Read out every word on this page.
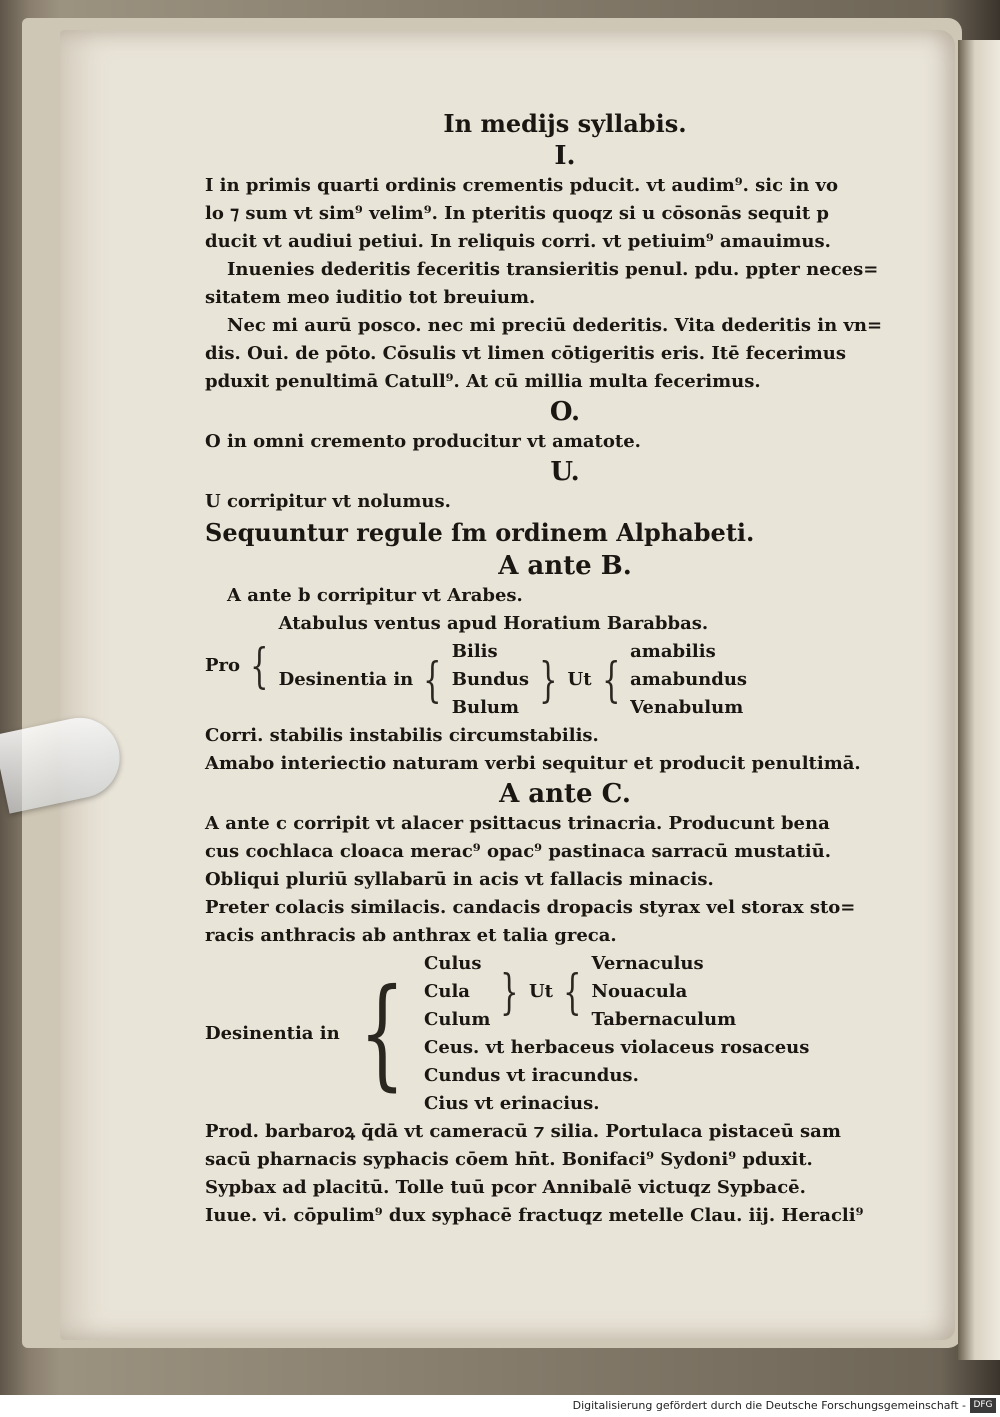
In medijs syllabis.
I.
I in primis quarti ordinis crementis pducit. vt audim⁹. sic in vo
lo ⁊ sum vt sim⁹ velim⁹. In pteritis quoqz si u cōsonās sequit p
ducit vt audiui petiui. In reliquis corri. vt petiuim⁹ amauimus.
Inuenies dederitis feceritis transieritis penul. pdu. ppter neces=
sitatem meo iuditio tot breuium.
Nec mi aurū posco. nec mi preciū dederitis. Vita dederitis in vn=
dis. Oui. de pōto. Cōsulis vt limen cōtigeritis eris. Itē fecerimus
pduxit penultimā Catull⁹. At cū millia multa fecerimus.
O.
O in omni cremento producitur vt amatote.
U.
U corripitur vt nolumus.
Sequuntur regule ſm ordinem Alphabeti.
A ante B.
A ante b corripitur vt Arabes.
Pro {
Atabulus ventus apud Horatium Barabbas.
Desinentia in {
Bilis
Bundus
Bulum } Ut {
amabilis
amabundus
Venabulum
Corri. stabilis instabilis circumstabilis.
Amabo interiectio naturam verbi sequitur et producit penultimā.
A ante C.
A ante c corripit vt alacer psittacus trinacria. Producunt bena
cus cochlaca cloaca merac⁹ opac⁹ pastinaca sarracū mustatiū.
Obliqui pluriū syllabarū in acis vt fallacis minacis.
Preter colacis similacis. candacis dropacis styrax vel storax sto=
racis anthracis ab anthrax et talia greca.
Desinentia in {
Culus
Cula
Culum } Ut {
Vernaculus
Nouacula
Tabernaculum
Ceus. vt herbaceus violaceus rosaceus
Cundus vt iracundus.
Cius vt erinacius.
Prod. barbaroꝝ q̄dā vt cameracū ⁊ silia. Portulaca pistaceū sam
sacū pharnacis syphacis cōem hn̄t. Bonifaci⁹ Sydoni⁹ pduxit.
Sypbax ad placitū. Tolle tuū pcor Annibalē victuqz Sypbacē.
Iuue. vi. cōpulim⁹ dux syphacē fractuqz metelle Clau. iij. Heracli⁹
Digitalisierung gefördert durch die Deutsche Forschungsgemeinschaft - DFG
